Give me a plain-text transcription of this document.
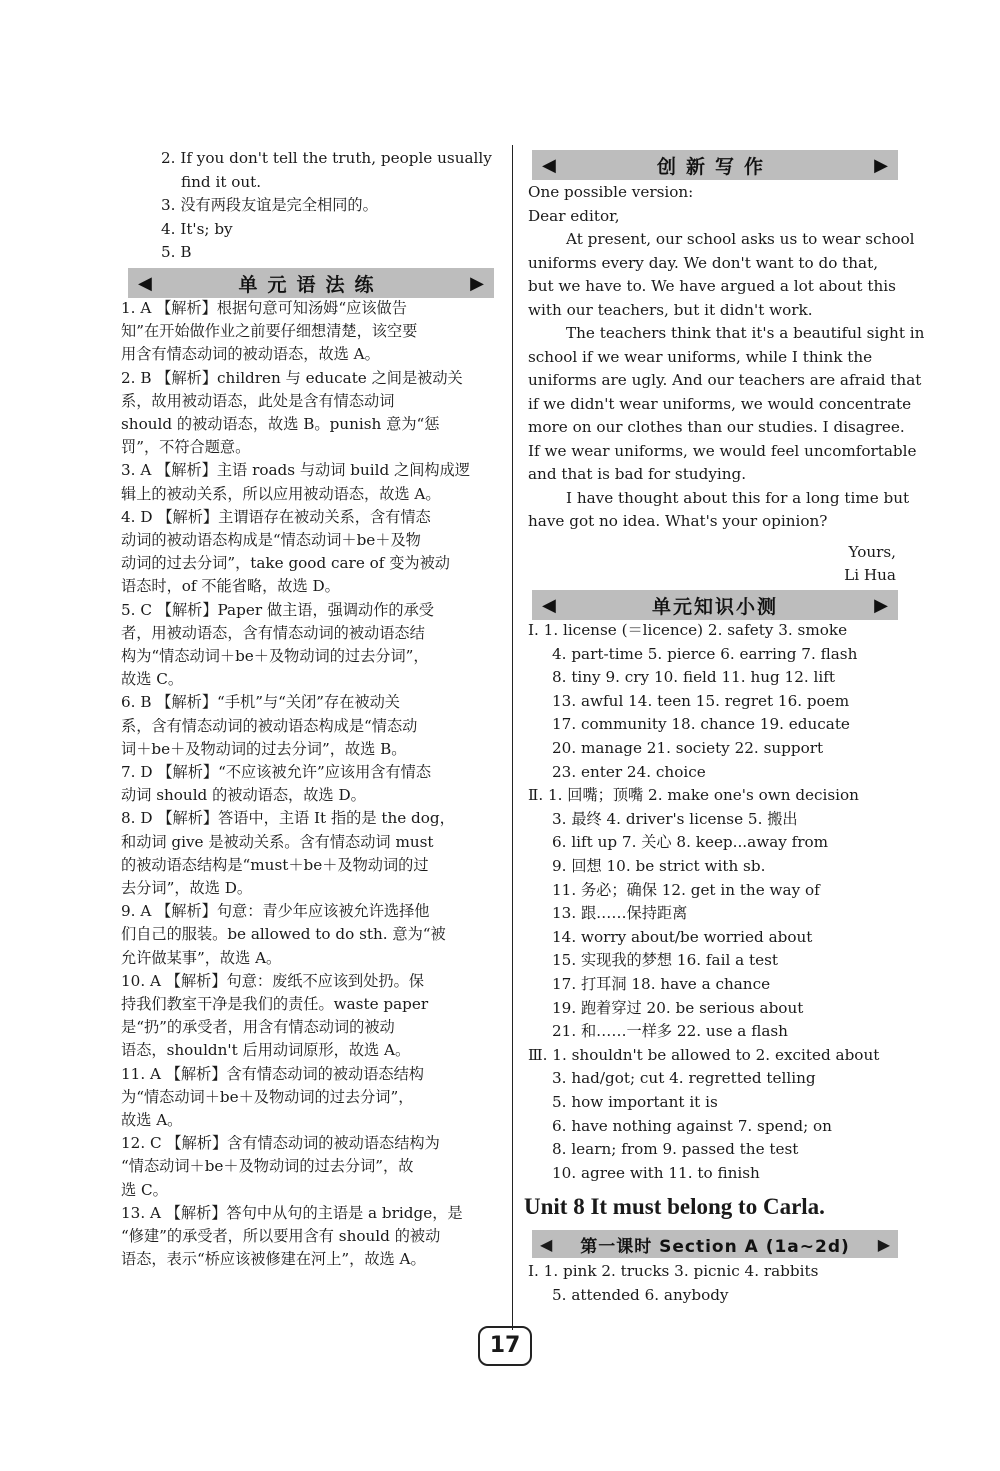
2. If you don't tell the truth, people usually
find it out.
3. 没有两段友谊是完全相同的。
4. It's; by
5. B
◀	单元语法练	▶
1. A 【解析】根据句意可知汤姆“应该做告
知”在开始做作业之前要仔细想清楚，该空要
用含有情态动词的被动语态，故选 A。
2. B 【解析】children 与 educate 之间是被动关
系，故用被动语态，此处是含有情态动词
should 的被动语态，故选 B。punish 意为“惩
罚”，不符合题意。
3. A 【解析】主语 roads 与动词 build 之间构成逻
辑上的被动关系，所以应用被动语态，故选 A。
4. D 【解析】主谓语存在被动关系，含有情态
动词的被动语态构成是“情态动词＋be＋及物
动词的过去分词”，take good care of 变为被动
语态时，of 不能省略，故选 D。
5. C 【解析】Paper 做主语，强调动作的承受
者，用被动语态，含有情态动词的被动语态结
构为“情态动词＋be＋及物动词的过去分词”，
故选 C。
6. B 【解析】“手机”与“关闭”存在被动关
系，含有情态动词的被动语态构成是“情态动
词＋be＋及物动词的过去分词”，故选 B。
7. D 【解析】“不应该被允许”应该用含有情态
动词 should 的被动语态，故选 D。
8. D 【解析】答语中，主语 It 指的是 the dog，
和动词 give 是被动关系。含有情态动词 must
的被动语态结构是“must＋be＋及物动词的过
去分词”，故选 D。
9. A 【解析】句意：青少年应该被允许选择他
们自己的服装。be allowed to do sth. 意为“被
允许做某事”，故选 A。
10. A 【解析】句意：废纸不应该到处扔。保
持我们教室干净是我们的责任。waste paper
是“扔”的承受者，用含有情态动词的被动
语态，shouldn't 后用动词原形，故选 A。
11. A 【解析】含有情态动词的被动语态结构
为“情态动词＋be＋及物动词的过去分词”，
故选 A。
12. C 【解析】含有情态动词的被动语态结构为
“情态动词＋be＋及物动词的过去分词”，故
选 C。
13. A 【解析】答句中从句的主语是 a bridge，是
“修建”的承受者，所以要用含有 should 的被动
语态，表示“桥应该被修建在河上”，故选 A。
◀	创新写作	▶
One possible version:
Dear editor,
At present, our school asks us to wear school
uniforms every day. We don't want to do that,
but we have to. We have argued a lot about this
with our teachers, but it didn't work.
The teachers think that it's a beautiful sight in
school if we wear uniforms, while I think the
uniforms are ugly. And our teachers are afraid that
if we didn't wear uniforms, we would concentrate
more on our clothes than our studies. I disagree.
If we wear uniforms, we would feel uncomfortable
and that is bad for studying.
I have thought about this for a long time but
have got no idea. What's your opinion?
Yours,
Li Hua
◀	单元知识小测	▶
Ⅰ. 1. license (＝licence) 2. safety 3. smoke
4. part-time 5. pierce 6. earring 7. flash
8. tiny 9. cry 10. field 11. hug 12. lift
13. awful 14. teen 15. regret 16. poem
17. community 18. chance 19. educate
20. manage 21. society 22. support
23. enter 24. choice
Ⅱ. 1. 回嘴；顶嘴 2. make one's own decision
3. 最终 4. driver's license 5. 搬出
6. lift up 7. 关心 8. keep...away from
9. 回想 10. be strict with sb.
11. 务必；确保 12. get in the way of
13. 跟……保持距离
14. worry about/be worried about
15. 实现我的梦想 16. fail a test
17. 打耳洞 18. have a chance
19. 跑着穿过 20. be serious about
21. 和……一样多 22. use a flash
Ⅲ. 1. shouldn't be allowed to 2. excited about
3. had/got; cut 4. regretted telling
5. how important it is
6. have nothing against 7. spend; on
8. learn; from 9. passed the test
10. agree with 11. to finish
Unit 8 It must belong to Carla.
◀ 第一课时 Section A (1a~2d) ▶
Ⅰ. 1. pink 2. trucks 3. picnic 4. rabbits
5. attended 6. anybody
17
